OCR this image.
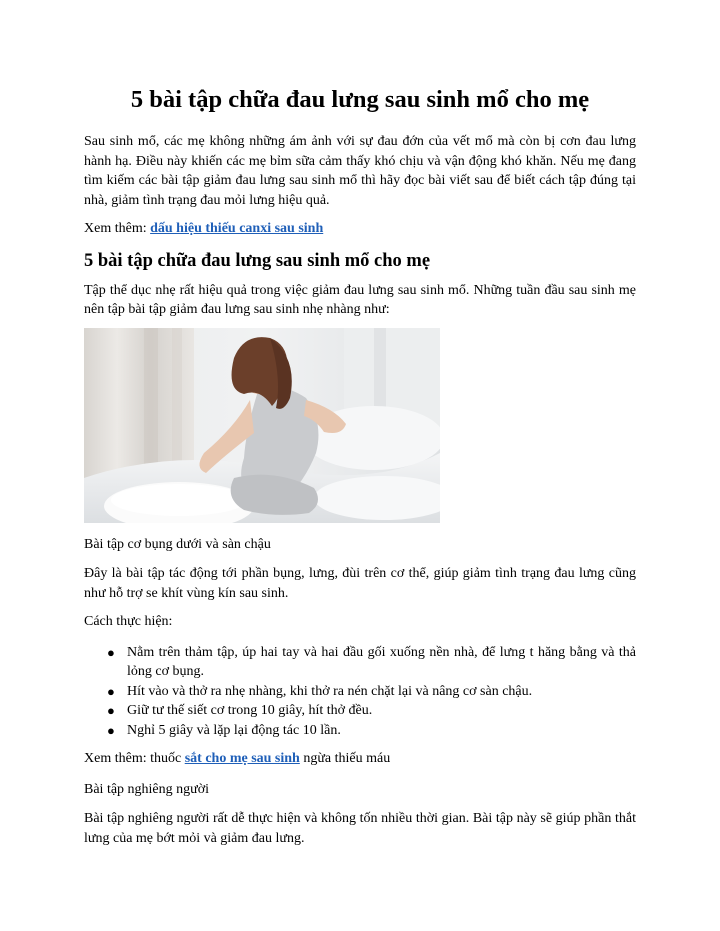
5 bài tập chữa đau lưng sau sinh mổ cho mẹ

Sau sinh mổ, các mẹ không những ám ảnh với sự đau đớn của vết mổ mà còn bị cơn đau lưng hành hạ. Điều này khiến các mẹ bỉm sữa cảm thấy khó chịu và vận động khó khăn. Nếu mẹ đang tìm kiếm các bài tập giảm đau lưng sau sinh mổ thì hãy đọc bài viết sau để biết cách tập đúng tại nhà, giảm tình trạng đau mỏi lưng hiệu quả.

Xem thêm: dấu hiệu thiếu canxi sau sinh

5 bài tập chữa đau lưng sau sinh mổ cho mẹ

Tập thể dục nhẹ rất hiệu quả trong việc giảm đau lưng sau sinh mổ. Những tuần đầu sau sinh mẹ nên tập bài tập giảm đau lưng sau sinh nhẹ nhàng như:

Bài tập cơ bụng dưới và sàn chậu

Đây là bài tập tác động tới phần bụng, lưng, đùi trên cơ thể, giúp giảm tình trạng đau lưng cũng như hỗ trợ se khít vùng kín sau sinh.

Cách thực hiện:

● Nằm trên thảm tập, úp hai tay và hai đầu gối xuống nền nhà, để lưng t hăng bằng và thả lỏng cơ bụng.
● Hít vào và thở ra nhẹ nhàng, khi thở ra nén chặt lại và nâng cơ sàn chậu.
● Giữ tư thế siết cơ trong 10 giây, hít thở đều.
● Nghỉ 5 giây và lặp lại động tác 10 lần.

Xem thêm: thuốc sắt cho mẹ sau sinh ngừa thiếu máu

Bài tập nghiêng người

Bài tập nghiêng người rất dễ thực hiện và không tốn nhiều thời gian. Bài tập này sẽ giúp phần thắt lưng của mẹ bớt mỏi và giảm đau lưng.
